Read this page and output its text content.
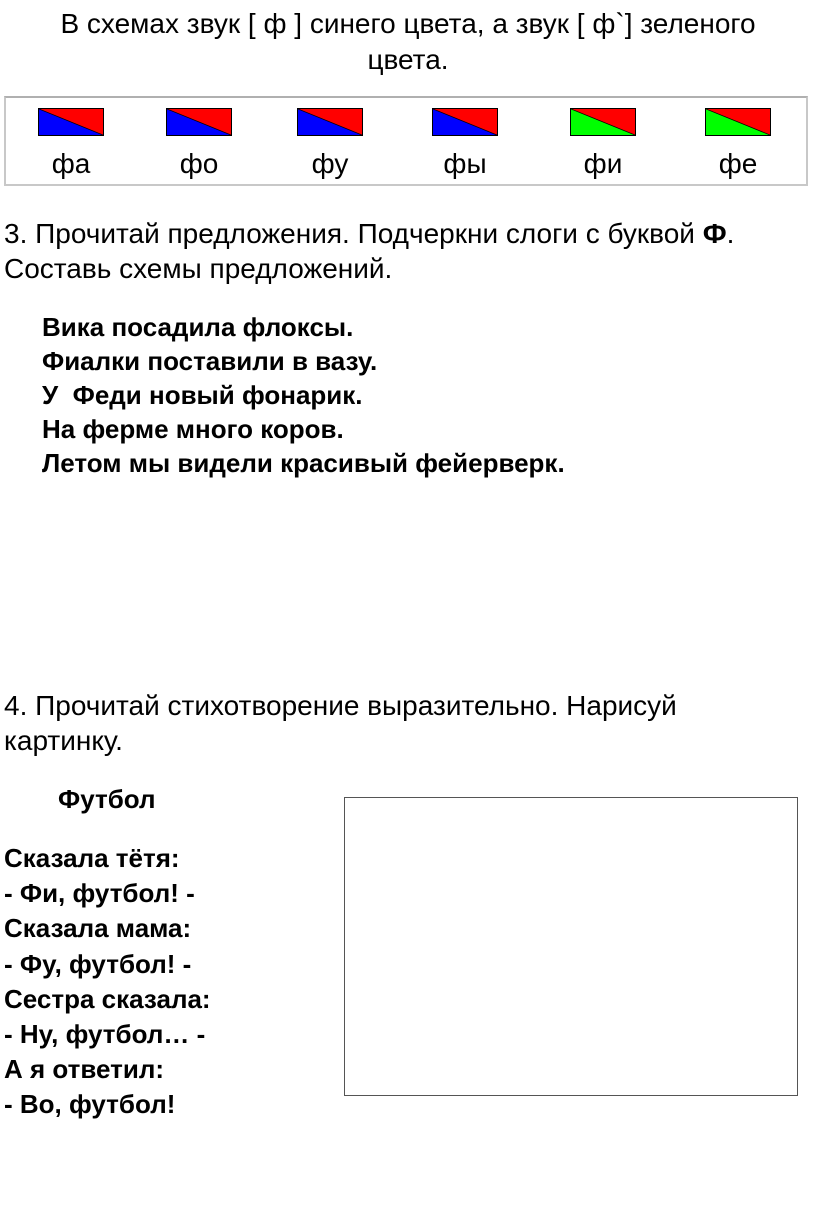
В схемах звук [ ф ] синего цвета, а звук [ ф`] зеленого
цвета.
фа	фо	фу	фы	фи	фе
3. Прочитай предложения. Подчеркни слоги с буквой Ф.
Составь схемы предложений.
Вика посадила флоксы.
Фиалки поставили в вазу.
У  Феди новый фонарик.
На ферме много коров.
Летом мы видели красивый фейерверк.
4. Прочитай стихотворение выразительно. Нарисуй
картинку.
Футбол
Сказала тётя:
- Фи, футбол! -
Сказала мама:
- Фу, футбол! -
Сестра сказала:
- Ну, футбол… -
А я ответил:
- Во, футбол!
